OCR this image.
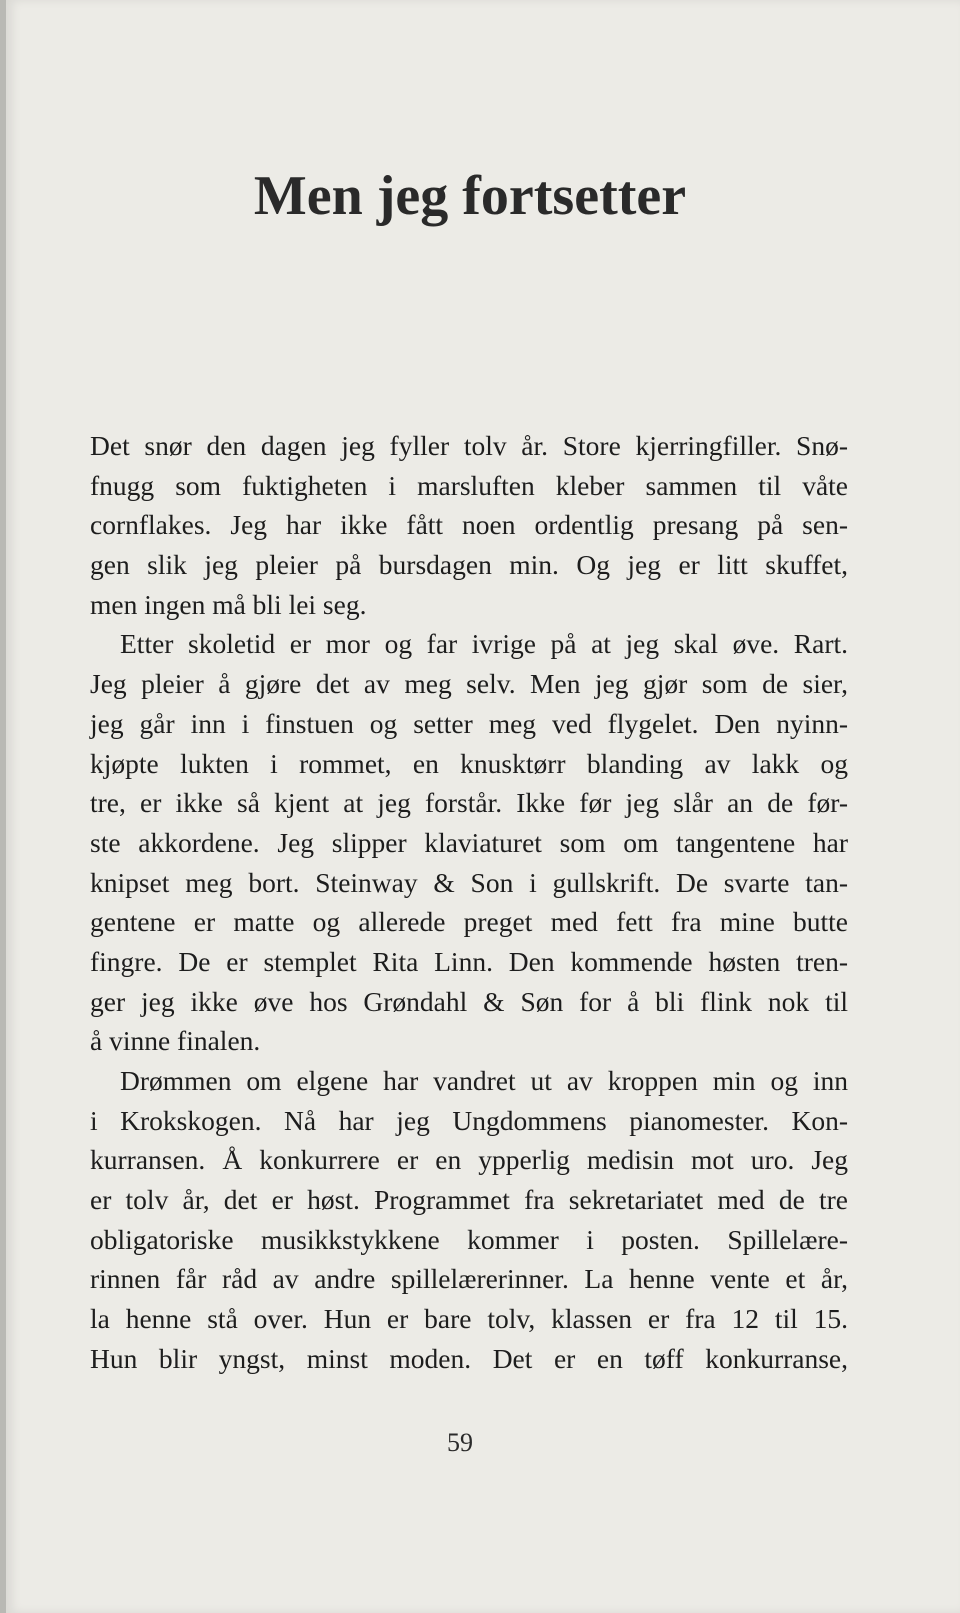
Men jeg fortsetter
Det snør den dagen jeg fyller tolv år. Store kjerringfiller. Snø-
fnugg som fuktigheten i marsluften kleber sammen til våte
cornflakes. Jeg har ikke fått noen ordentlig presang på sen-
gen slik jeg pleier på bursdagen min. Og jeg er litt skuffet,
men ingen må bli lei seg.
Etter skoletid er mor og far ivrige på at jeg skal øve. Rart.
Jeg pleier å gjøre det av meg selv. Men jeg gjør som de sier,
jeg går inn i finstuen og setter meg ved flygelet. Den nyinn-
kjøpte lukten i rommet, en knusktørr blanding av lakk og
tre, er ikke så kjent at jeg forstår. Ikke før jeg slår an de før-
ste akkordene. Jeg slipper klaviaturet som om tangentene har
knipset meg bort. Steinway & Son i gullskrift. De svarte tan-
gentene er matte og allerede preget med fett fra mine butte
fingre. De er stemplet Rita Linn. Den kommende høsten tren-
ger jeg ikke øve hos Grøndahl & Søn for å bli flink nok til
å vinne finalen.
Drømmen om elgene har vandret ut av kroppen min og inn
i Krokskogen. Nå har jeg Ungdommens pianomester. Kon-
kurransen. Å konkurrere er en ypperlig medisin mot uro. Jeg
er tolv år, det er høst. Programmet fra sekretariatet med de tre
obligatoriske musikkstykkene kommer i posten. Spillelære-
rinnen får råd av andre spillelærerinner. La henne vente et år,
la henne stå over. Hun er bare tolv, klassen er fra 12 til 15.
Hun blir yngst, minst moden. Det er en tøff konkurranse,
59
